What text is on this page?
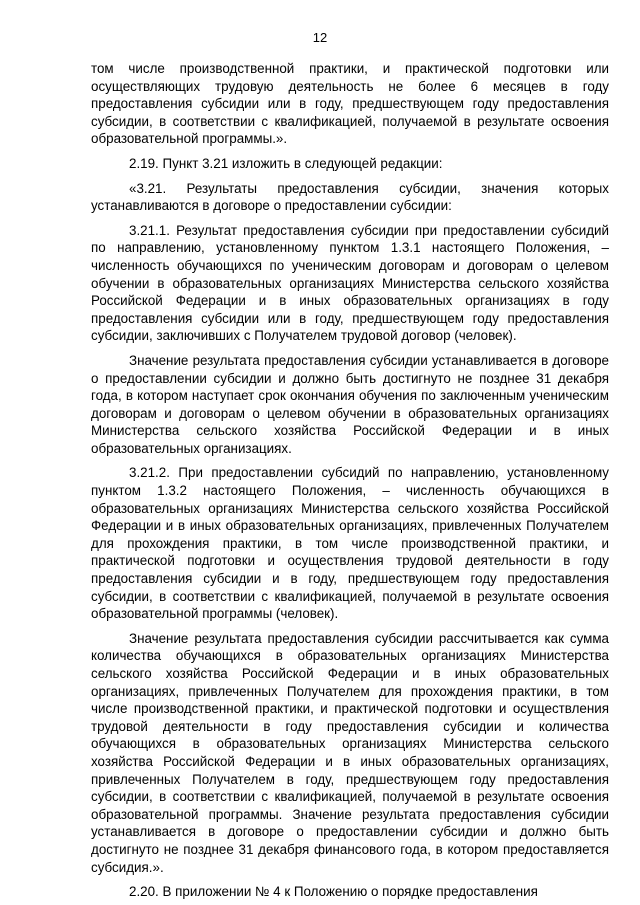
12

том числе производственной практики, и практической подготовки или осуществляющих трудовую деятельность не более 6 месяцев в году предоставления субсидии или в году, предшествующем году предоставления субсидии, в соответствии с квалификацией, получаемой в результате освоения образовательной программы.».

2.19. Пункт 3.21 изложить в следующей редакции:

«3.21. Результаты предоставления субсидии, значения которых устанавливаются в договоре о предоставлении субсидии:

3.21.1. Результат предоставления субсидии при предоставлении субсидий по направлению, установленному пунктом 1.3.1 настоящего Положения, – численность обучающихся по ученическим договорам и договорам о целевом обучении в образовательных организациях Министерства сельского хозяйства Российской Федерации и в иных образовательных организациях в году предоставления субсидии или в году, предшествующем году предоставления субсидии, заключивших с Получателем трудовой договор (человек).

Значение результата предоставления субсидии устанавливается в договоре о предоставлении субсидии и должно быть достигнуто не позднее 31 декабря года, в котором наступает срок окончания обучения по заключенным ученическим договорам и договорам о целевом обучении в образовательных организациях Министерства сельского хозяйства Российской Федерации и в иных образовательных организациях.

3.21.2. При предоставлении субсидий по направлению, установленному пунктом 1.3.2 настоящего Положения, – численность обучающихся в образовательных организациях Министерства сельского хозяйства Российской Федерации и в иных образовательных организациях, привлеченных Получателем для прохождения практики, в том числе производственной практики, и практической подготовки и осуществления трудовой деятельности в году предоставления субсидии и в году, предшествующем году предоставления субсидии, в соответствии с квалификацией, получаемой в результате освоения образовательной программы (человек).

Значение результата предоставления субсидии рассчитывается как сумма количества обучающихся в образовательных организациях Министерства сельского хозяйства Российской Федерации и в иных образовательных организациях, привлеченных Получателем для прохождения практики, в том числе производственной практики, и практической подготовки и осуществления трудовой деятельности в году предоставления субсидии и количества обучающихся в образовательных организациях Министерства сельского хозяйства Российской Федерации и в иных образовательных организациях, привлеченных Получателем в году, предшествующем году предоставления субсидии, в соответствии с квалификацией, получаемой в результате освоения образовательной программы. Значение результата предоставления субсидии устанавливается в договоре о предоставлении субсидии и должно быть достигнуто не позднее 31 декабря финансового года, в котором предоставляется субсидия.».

2.20. В приложении № 4 к Положению о порядке предоставления
